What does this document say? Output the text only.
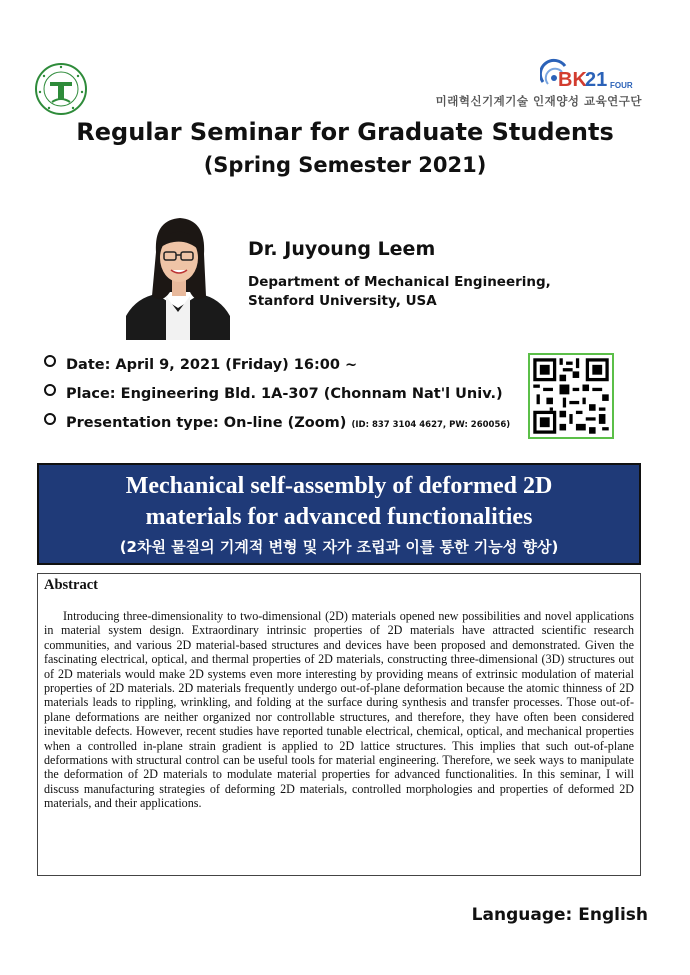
BK
21 FOUR
미래혁신기계기술 인재양성 교육연구단
Regular Seminar for Graduate Students
(Spring Semester 2021)
Dr. Juyoung Leem
Department of Mechanical Engineering,
Stanford University, USA
Date: April 9, 2021 (Friday) 16:00 ~
Place: Engineering Bld. 1A-307 (Chonnam Nat'l Univ.)
Presentation type: On-line (Zoom) (ID: 837 3104 4627, PW: 260056)
Mechanical self-assembly of deformed 2D
materials for advanced functionalities
(2차원 물질의 기계적 변형 및 자가 조립과 이를 통한 기능성 향상)
Abstract

Introducing three-dimensionality to two-dimensional (2D) materials opened new possibilities and novel applications in material system design. Extraordinary intrinsic properties of 2D materials have attracted scientific research communities, and various 2D material-based structures and devices have been proposed and demonstrated. Given the fascinating electrical, optical, and thermal properties of 2D materials, constructing three-dimensional (3D) structures out of 2D materials would make 2D systems even more interesting by providing means of extrinsic modulation of material properties of 2D materials. 2D materials frequently undergo out-of-plane deformation because the atomic thinness of 2D materials leads to rippling, wrinkling, and folding at the surface during synthesis and transfer processes. Those out-of-plane deformations are neither organized nor controllable structures, and therefore, they have often been considered inevitable defects. However, recent studies have reported tunable electrical, chemical, optical, and mechanical properties when a controlled in-plane strain gradient is applied to 2D lattice structures. This implies that such out-of-plane deformations with structural control can be useful tools for material engineering. Therefore, we seek ways to manipulate the deformation of 2D materials to modulate material properties for advanced functionalities. In this seminar, I will discuss manufacturing strategies of deforming 2D materials, controlled morphologies and properties of deformed 2D materials, and their applications.

Language: English
